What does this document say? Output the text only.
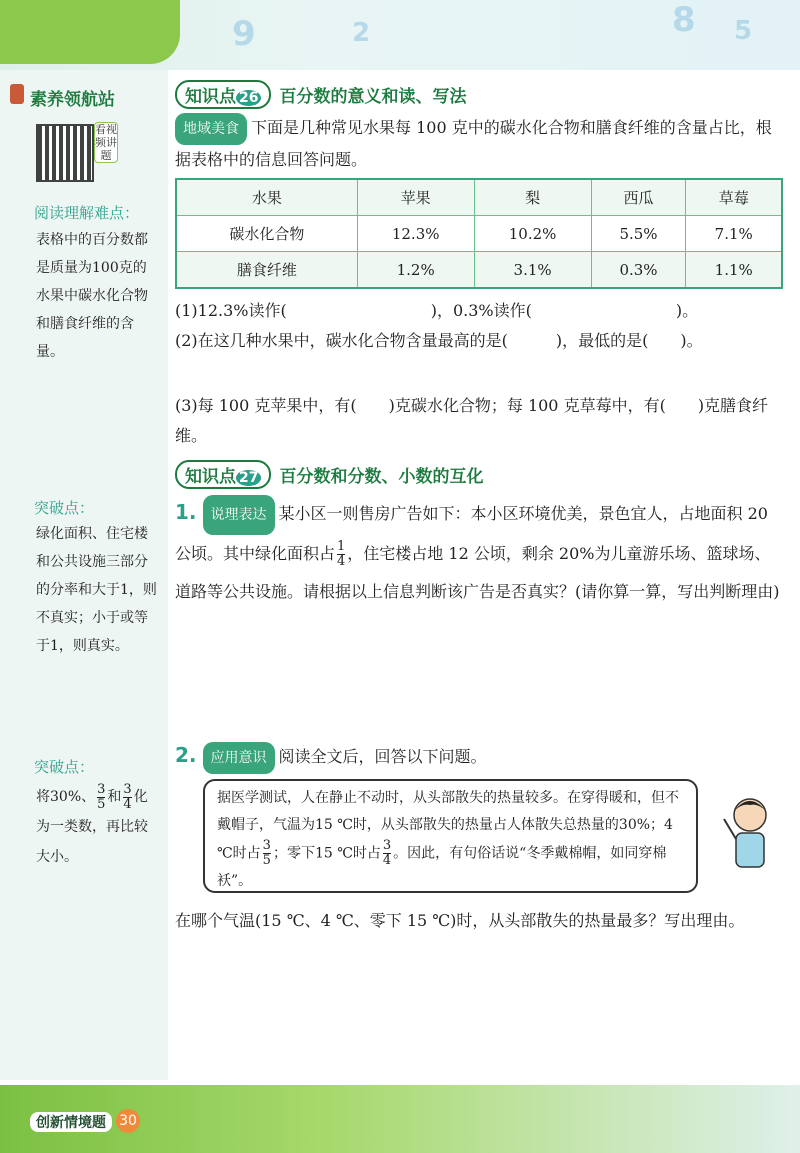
9	2	8 5
素养领航站
看视频讲题
阅读理解难点：
表格中的百分数都是质量为100克的水果中碳水化合物和膳食纤维的含量。
突破点：
绿化面积、住宅楼和公共设施三部分的分率和大于1，则不真实；小于或等于1，则真实。
突破点：
将30%、 $\frac{3}{5}$ 和 $\frac{3}{4}$ 化为一类数，再比较大小。
知识点 26 百分数的意义和读、写法
地域美食 下面是几种常见水果每 100 克中的碳水化合物和膳食纤维的含量占比，根据表格中的信息回答问题。
水果	苹果	梨	西瓜	草莓
碳水化合物	12.3%	10.2%	5.5%	7.1%
膳食纤维	1.2%	3.1%	0.3%	1.1%
(1)12.3%读作(　　　　　　　　　)，0.3%读作(　　　　　　　　　)。
(2)在这几种水果中，碳水化合物含量最高的是(　　　)，最低的是(　　)。
(3)每 100 克苹果中，有(　　)克碳水化合物；每 100 克草莓中，有(　　)克膳食纤维。
知识点 27 百分数和分数、小数的互化
1. 说理表达 某小区一则售房广告如下：本小区环境优美，景色宜人，占地面积 20 公顷。其中绿化面积占 $\frac{1}{4}$ ，住宅楼占地 12 公顷，剩余 20%为儿童游乐场、篮球场、道路等公共设施。请根据以上信息判断该广告是否真实？(请你算一算，写出判断理由)
2. 应用意识 阅读全文后，回答以下问题。
据医学测试，人在静止不动时，从头部散失的热量较多。在穿得暖和，但不戴帽子，气温为15 ℃时，从头部散失的热量占人体散失总热量的30%；4 ℃时占 $\frac{3}{5}$ ；零下15 ℃时占 $\frac{3}{4}$ 。因此，有句俗话说“冬季戴棉帽，如同穿棉袄”。
在哪个气温(15 ℃、4 ℃、零下 15 ℃)时，从头部散失的热量最多？写出理由。
创新情境题 30
